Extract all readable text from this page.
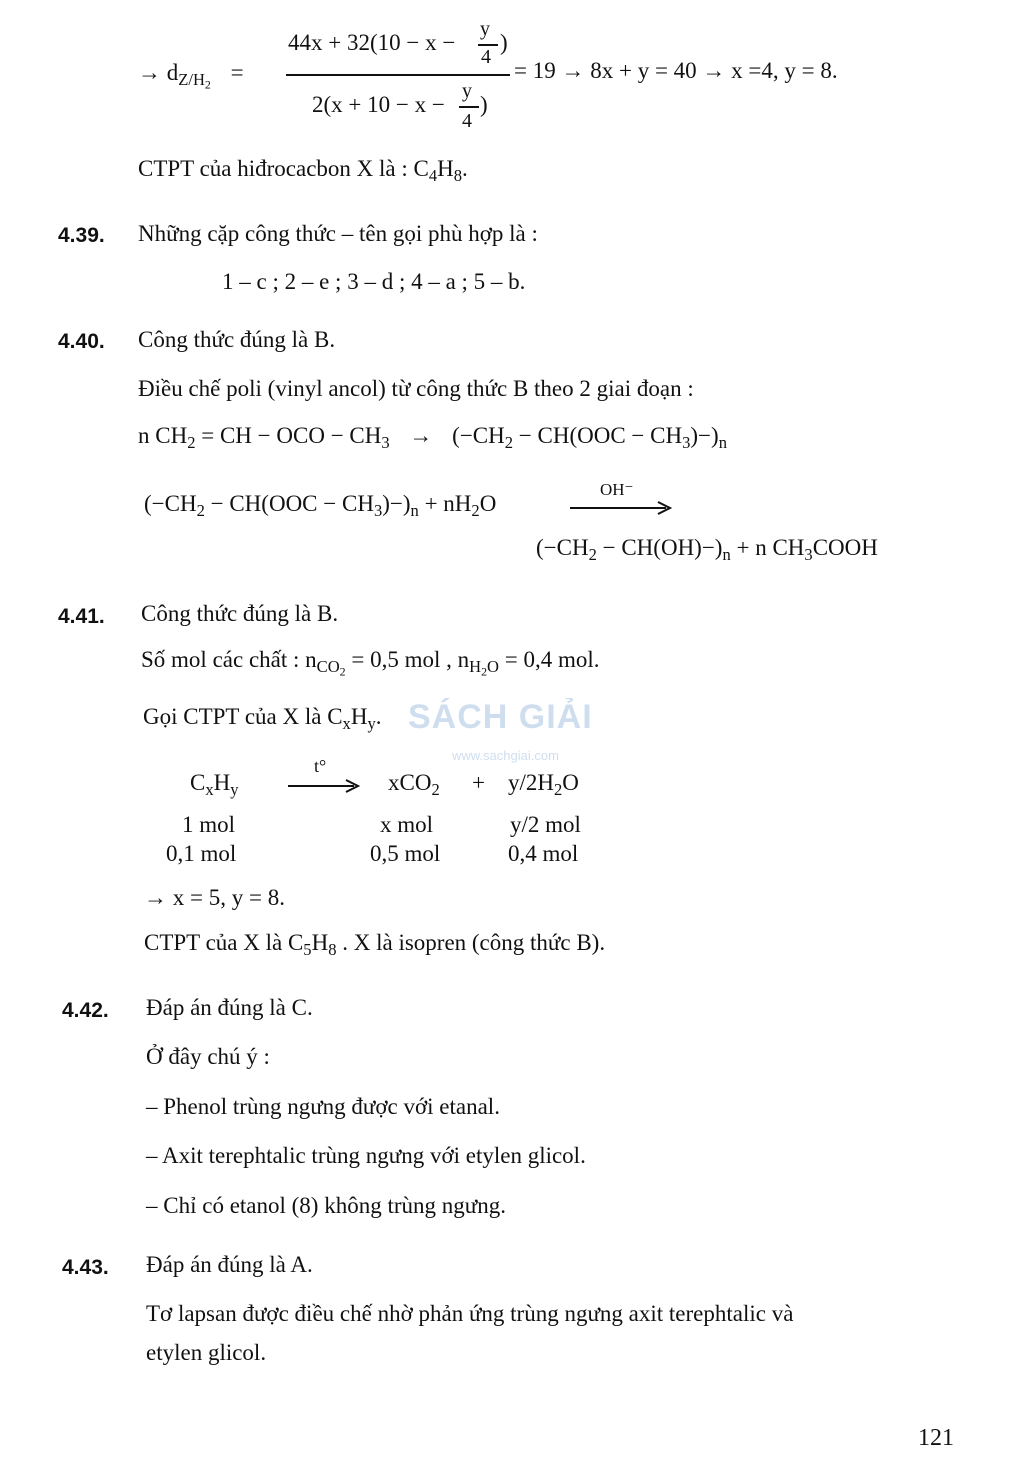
→ $d_{Z/H_2}$ =
44x + 32(10 − x −
y
4
)
2(x + 10 − x −
y
4
)
= 19 → 8x + y = 40 → x =4, y = 8.
CTPT của hiđrocacbon X là : $C_4H_8$.
4.39. Những cặp công thức – tên gọi phù hợp là :
1 – c ; 2 – e ; 3 – d ; 4 – a ; 5 – b.
4.40. Công thức đúng là B.
Điều chế poli (vinyl ancol) từ công thức B theo 2 giai đoạn :
n $CH_2$ = CH − OCO − $CH_3 \to (-CH_2 - CH(OOC - CH_3)-)_n$
$(-CH_2 - CH(OOC - CH_3)-)_n + nH_2O$
OH⁻
$(-CH_2 - CH(OH)-)_n + n$ $CH_3COOH$
4.41. Công thức đúng là B.
Số mol các chất : $n_{CO_2} = 0,5$ mol , $n_{H_2O} = 0,4$ mol.
SÁCH GIẢI
www.sachgiai.com
Gọi CTPT của X là $C_xH_y$.
$C_xH_y$
t°
$xCO_2 + y/2H_2O$
1 mol	x mol	y/2 mol
0,1 mol	0,5 mol	0,4 mol
→ x = 5, y = 8.
CTPT của X là $C_5H_8$ . X là isopren (công thức B).
4.42. Đáp án đúng là C.
Ở đây chú ý :
– Phenol trùng ngưng được với etanal.
– Axit terephtalic trùng ngưng với etylen glicol.
– Chỉ có etanol (8) không trùng ngưng.
4.43. Đáp án đúng là A.
Tơ lapsan được điều chế nhờ phản ứng trùng ngưng axit terephtalic và
etylen glicol.
121
